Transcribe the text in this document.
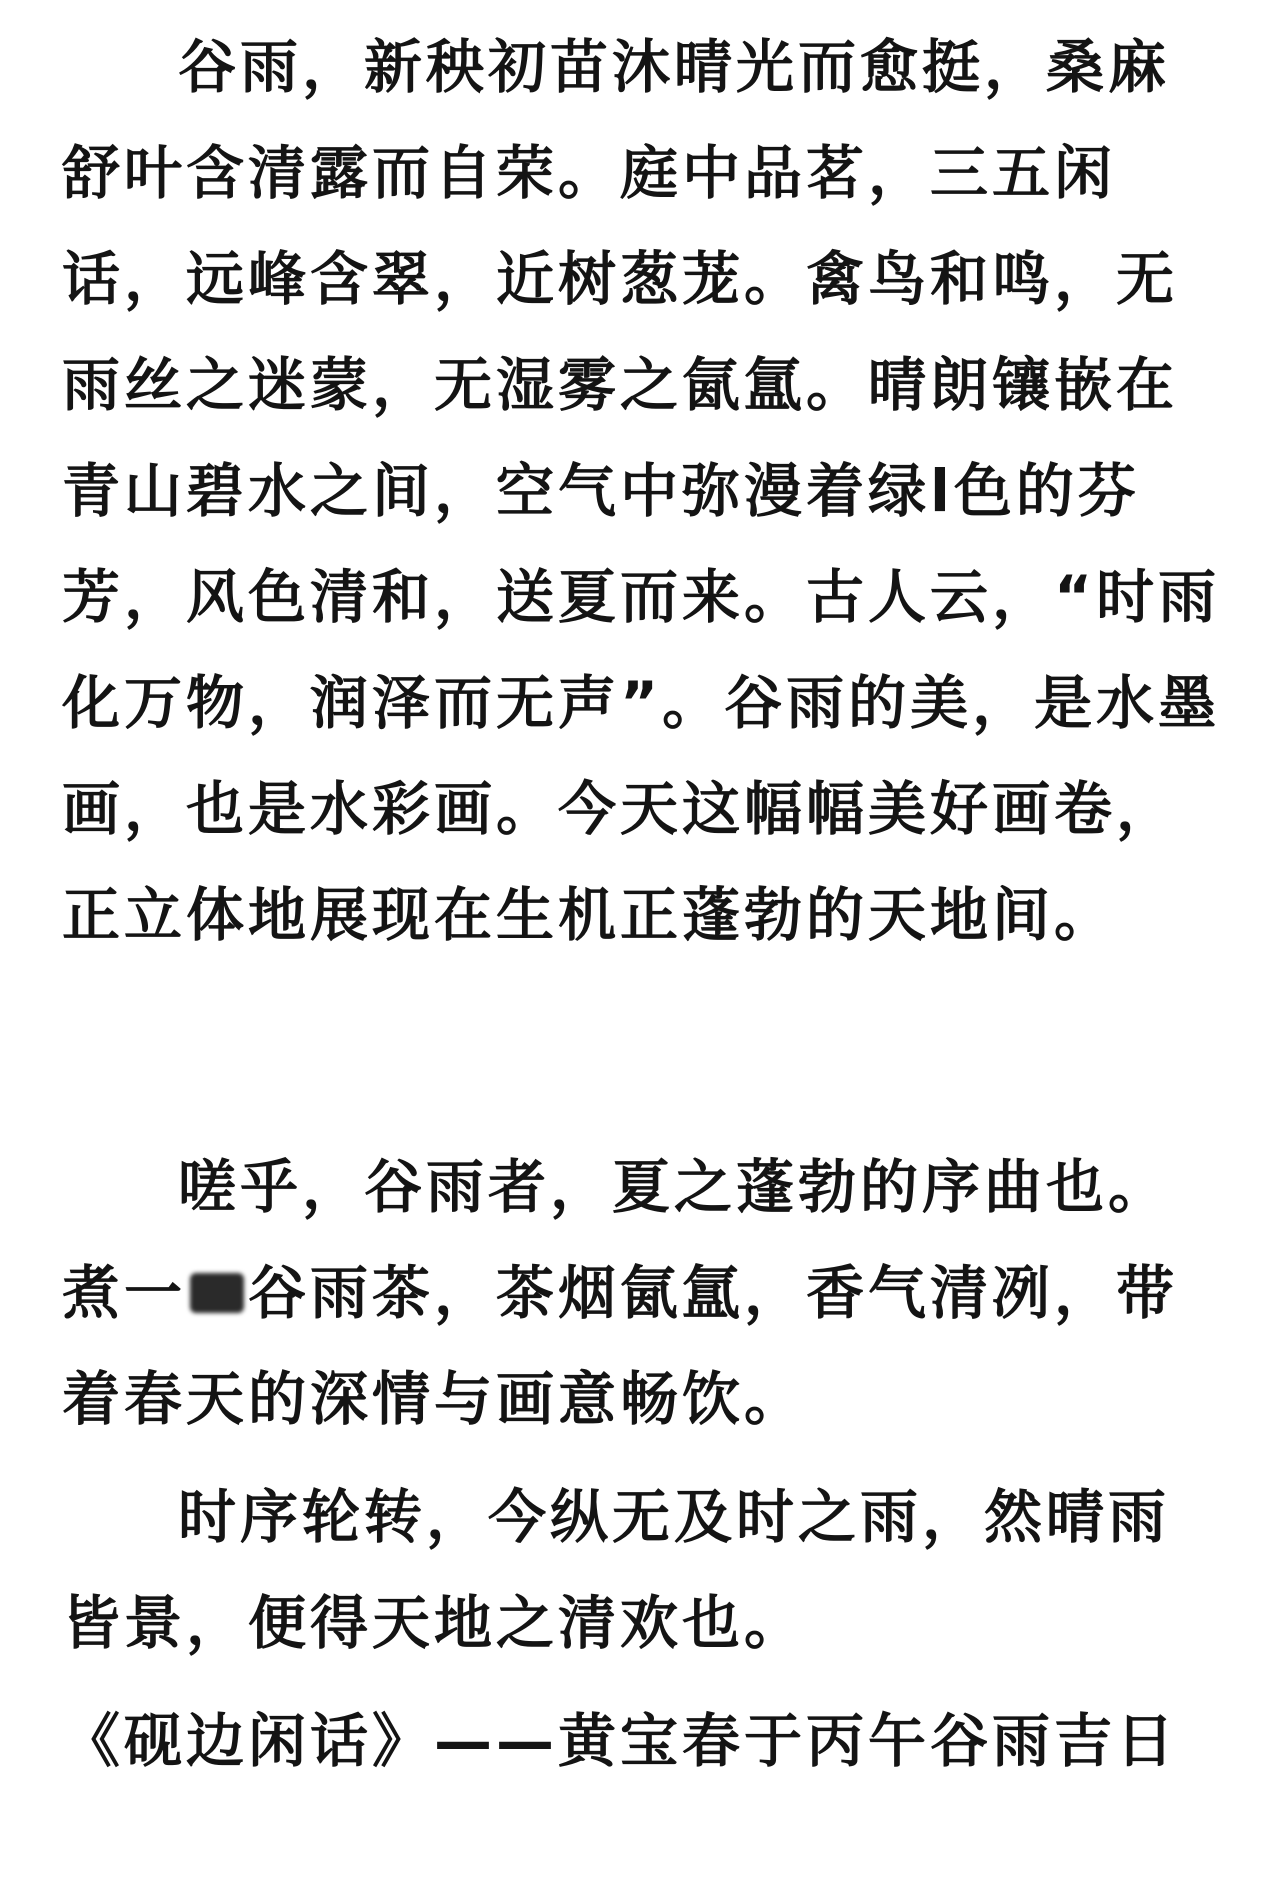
谷雨，新秧初苗沐晴光而愈挺，桑麻舒叶含清露而自荣。庭中品茗，三五闲话，远峰含翠，近树葱茏。禽鸟和鸣，无雨丝之迷蒙，无湿雾之氤氲。晴朗镶嵌在青山碧水之间，空气中弥漫着绿l色的芬芳，风色清和，送夏而来。古人云，“时雨化万物，润泽而无声”。谷雨的美，是水墨画，也是水彩画。今天这幅幅美好画卷，正立体地展现在生机正蓬勃的天地间。

嗟乎，谷雨者，夏之蓬勃的序曲也。煮一 谷雨茶，茶烟氤氲，香气清冽，带着春天的深情与画意畅饮。

时序轮转，今纵无及时之雨，然晴雨皆景，便得天地之清欢也。

《砚边闲话》——黄宝春于丙午谷雨吉日
